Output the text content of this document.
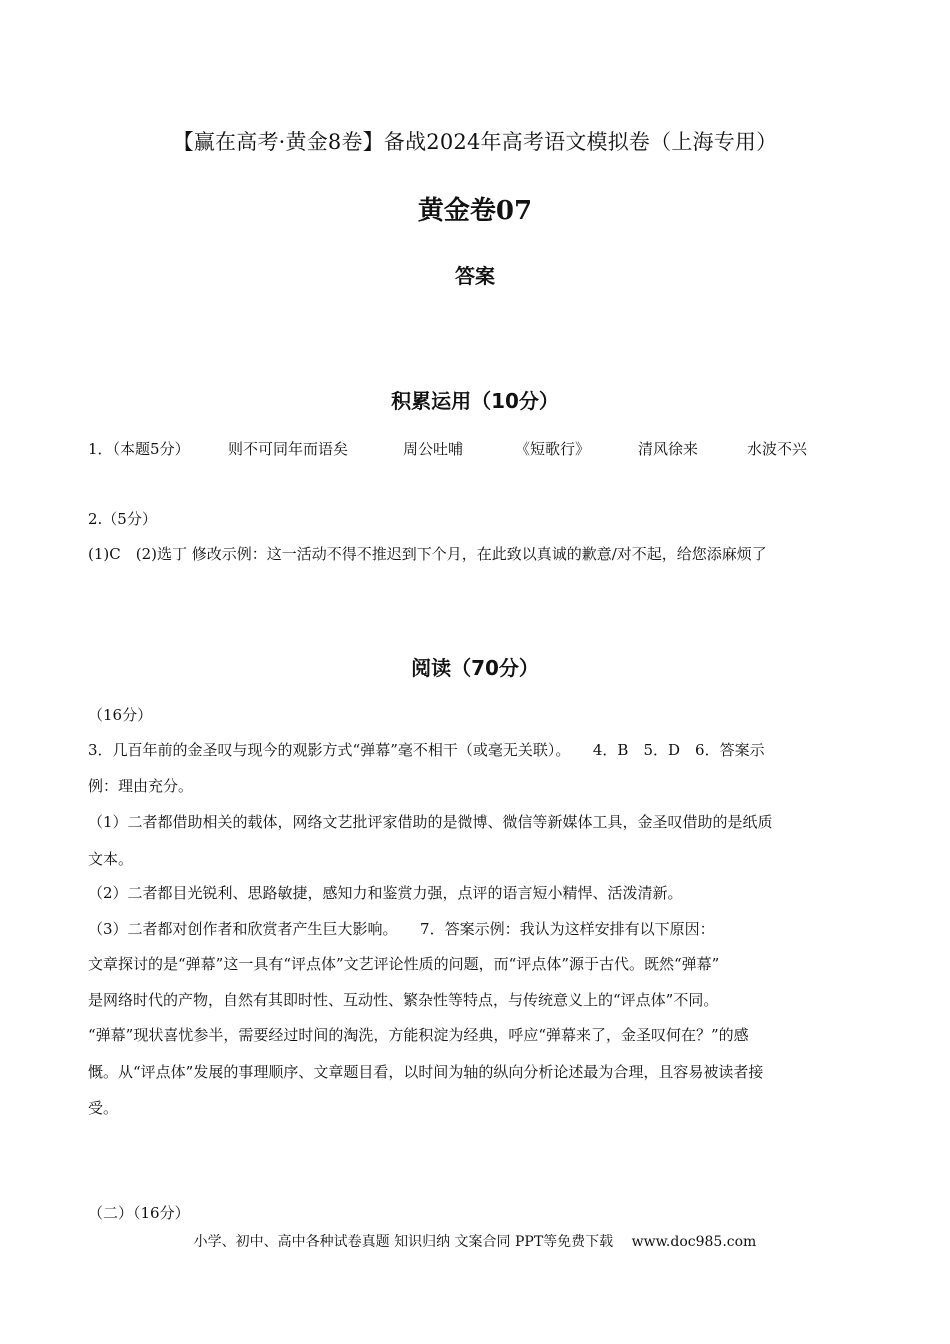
【赢在高考·黄金8卷】备战2024年高考语文模拟卷（上海专用）
黄金卷07
答案
积累运用（10分）
1．（本题5分）	则不可同年而语矣	周公吐哺	《短歌行》	清风徐来	水波不兴
2.（5分）
(1)C　(2)选丁 修改示例：这一活动不得不推迟到下个月，在此致以真诚的歉意/对不起，给您添麻烦了
阅读（70分）
（16分）
3．几百年前的金圣叹与现今的观影方式“弹幕”毫不相干（或毫无关联）。　　4．B　5．D　6．答案示
例：理由充分。
（1）二者都借助相关的载体，网络文艺批评家借助的是微博、微信等新媒体工具，金圣叹借助的是纸质
文本。
（2）二者都目光锐利、思路敏捷，感知力和鉴赏力强，点评的语言短小精悍、活泼清新。
（3）二者都对创作者和欣赏者产生巨大影响。　　7．答案示例：我认为这样安排有以下原因：
文章探讨的是“弹幕”这一具有“评点体”文艺评论性质的问题，而“评点体”源于古代。既然“弹幕”
是网络时代的产物，自然有其即时性、互动性、繁杂性等特点，与传统意义上的“评点体”不同。
“弹幕”现状喜忧参半，需要经过时间的淘洗，方能积淀为经典，呼应“弹幕来了，金圣叹何在？”的感
慨。从“评点体”发展的事理顺序、文章题目看，以时间为轴的纵向分析论述最为合理，且容易被读者接
受。
（二）（16分）
小学、初中、高中各种试卷真题 知识归纳 文案合同 PPT等免费下载　 www.doc985.com
